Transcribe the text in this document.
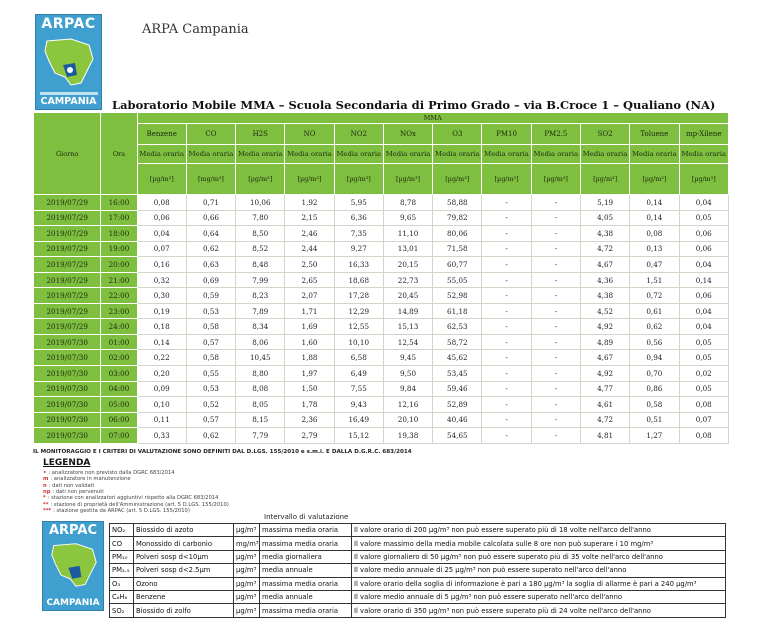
ARPAC
CAMPANIA
ARPA Campania
Laboratorio Mobile MMA – Scuola Secondaria di Primo Grado – via B.Croce 1 – Qualiano (NA)
Giorno	Ora	MMA											
		Benzene	CO	H2S	NO	NO2	NOx	O3	PM10	PM2.5	SO2	Toluene	mp-Xilene
		Media oraria	Media oraria	Media oraria	Media oraria	Media oraria	Media oraria	Media oraria	Media oraria	Media oraria	Media oraria	Media oraria	Media oraria
		[µg/m³]	[mg/m³]	[µg/m³]	[µg/m³]	[µg/m³]	[µg/m³]	[µg/m³]	[µg/m³]	[µg/m³]	[µg/m³]	[µg/m³]	[µg/m³]
2019/07/29	16:00	0,08	0,71	10,06	1,92	5,95	8,78	58,88	-	-	5,19	0,14	0,04
2019/07/29	17:00	0,06	0,66	7,80	2,15	6,36	9,65	79,82	-	-	4,05	0,14	0,05
2019/07/29	18:00	0,04	0,64	8,50	2,46	7,35	11,10	80,06	-	-	4,38	0,08	0,06
2019/07/29	19:00	0,07	0,62	8,52	2,44	9,27	13,01	71,58	-	-	4,72	0,13	0,06
2019/07/29	20:00	0,16	0,63	8,48	2,50	16,33	20,15	60,77	-	-	4,67	0,47	0,04
2019/07/29	21:00	0,32	0,69	7,99	2,65	18,68	22,73	55,05	-	-	4,36	1,51	0,14
2019/07/29	22:00	0,30	0,59	8,23	2,07	17,28	20,45	52,98	-	-	4,38	0,72	0,06
2019/07/29	23:00	0,19	0,53	7,89	1,71	12,29	14,89	61,18	-	-	4,52	0,61	0,04
2019/07/29	24:00	0,18	0,58	8,34	1,69	12,55	15,13	62,53	-	-	4,92	0,62	0,04
2019/07/30	01:00	0,14	0,57	8,06	1,60	10,10	12,54	58,72	-	-	4,89	0,56	0,05
2019/07/30	02:00	0,22	0,58	10,45	1,88	6,58	9,45	45,62	-	-	4,67	0,94	0,05
2019/07/30	03:00	0,20	0,55	8,80	1,97	6,49	9,50	53,45	-	-	4,92	0,70	0,02
2019/07/30	04:00	0,09	0,53	8,08	1,50	7,55	9,84	59,46	-	-	4,77	0,86	0,05
2019/07/30	05:00	0,10	0,52	8,05	1,78	9,43	12,16	52,89	-	-	4,61	0,58	0,08
2019/07/30	06:00	0,11	0,57	8,15	2,36	16,49	20,10	40,46	-	-	4,72	0,51	0,07
2019/07/30	07:00	0,33	0,62	7,79	2,79	15,12	19,38	54,65	-	-	4,81	1,27	0,08
IL MONITORAGGIO E I CRITERI DI VALUTAZIONE SONO DEFINITI DAL D.LGS. 155/2010 e s.m.i. E DALLA D.G.R.C. 683/2014
LEGENDA
• : analizzatore non previsto dalla DGRC 683/2014
m : analizzatore in manutenzione
n : dati non validati
np : dati non pervenuti
* : stazione con analizzatori aggiuntivi rispetto alla DGRC 683/2014
** : stazione di proprietà dell'Amministrazione (art. 5 D.LGS. 155/2010)
*** : stazione gestita da ARPAC (art. 5 D.LGS. 155/2010)
Intervallo di valutazione
ARPAC
CAMPANIA
NO₂	Biossido di azoto	µg/m³	massima media oraria	Il valore orario di 200 µg/m³ non può essere superato più di 18 volte nell'arco dell'anno
CO	Monossido di carbonio	mg/m³	massima media oraria	Il valore massimo della media mobile calcolata sulle 8 ore non può superare i 10 mg/m³
PM₁₀	Polveri sosp d<10µm	µg/m³	media giornaliera	Il valore giornaliero di 50 µg/m³ non può essere superato più di 35 volte nell'arco dell'anno
PM₂.₅	Polveri sosp d<2.5µm	µg/m³	media annuale	Il valore medio annuale di 25 µg/m³ non può essere superato nell'arco dell'anno
O₃	Ozono	µg/m³	massima media oraria	Il valore orario della soglia di informazione è pari a 180 µg/m³ la soglia di allarme è pari a 240 µg/m³
C₆H₆	Benzene	µg/m³	media annuale	Il valore medio annuale di 5 µg/m³ non può essere superato nell'arco dell'anno
SO₂	Biossido di zolfo	µg/m³	massima media oraria	Il valore orario di 350 µg/m³ non può essere superato più di 24 volte nell'arco dell'anno
